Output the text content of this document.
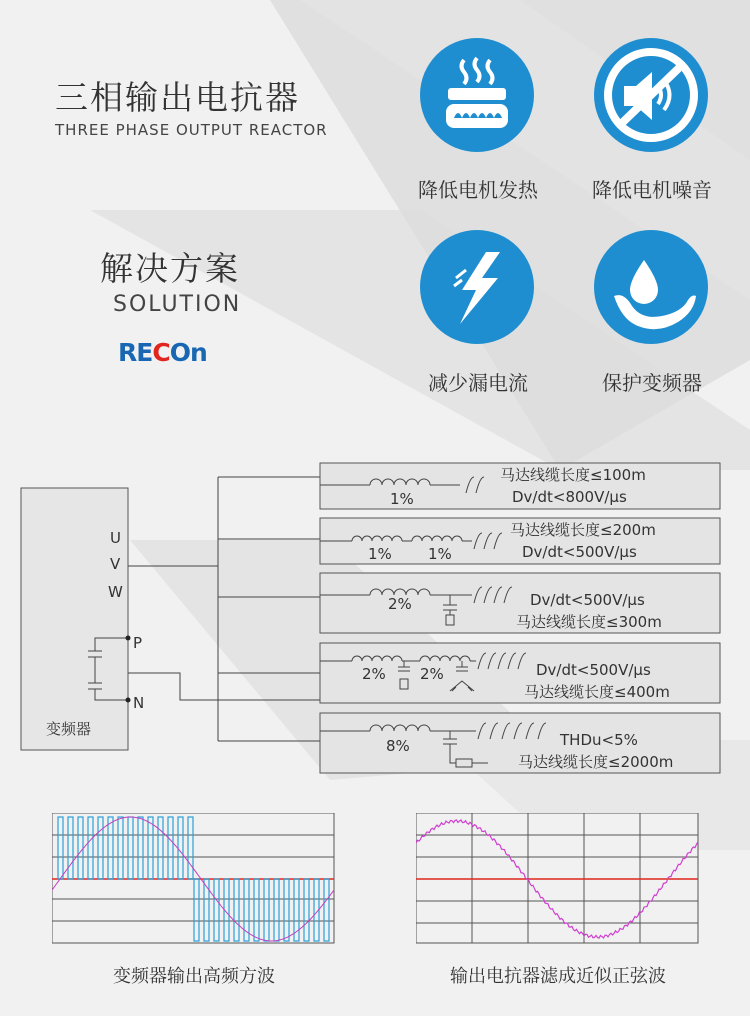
三相输出电抗器
THREE PHASE OUTPUT REACTOR
解决方案
SOLUTION
RECOn
降低电机发热	降低电机噪音
减少漏电流	保护变频器
U
V
W
P
N
变频器
1%
马达线缆长度≤100m
Dv/dt<800V/μs
1% 1%
马达线缆长度≤200m
Dv/dt<500V/μs
2%	Dv/dt<500V/μs
马达线缆长度≤300m
2% 2%	Dv/dt<500V/μs
马达线缆长度≤400m
8%	THDu<5%
马达线缆长度≤2000m
变频器输出高频方波	输出电抗器滤成近似正弦波
